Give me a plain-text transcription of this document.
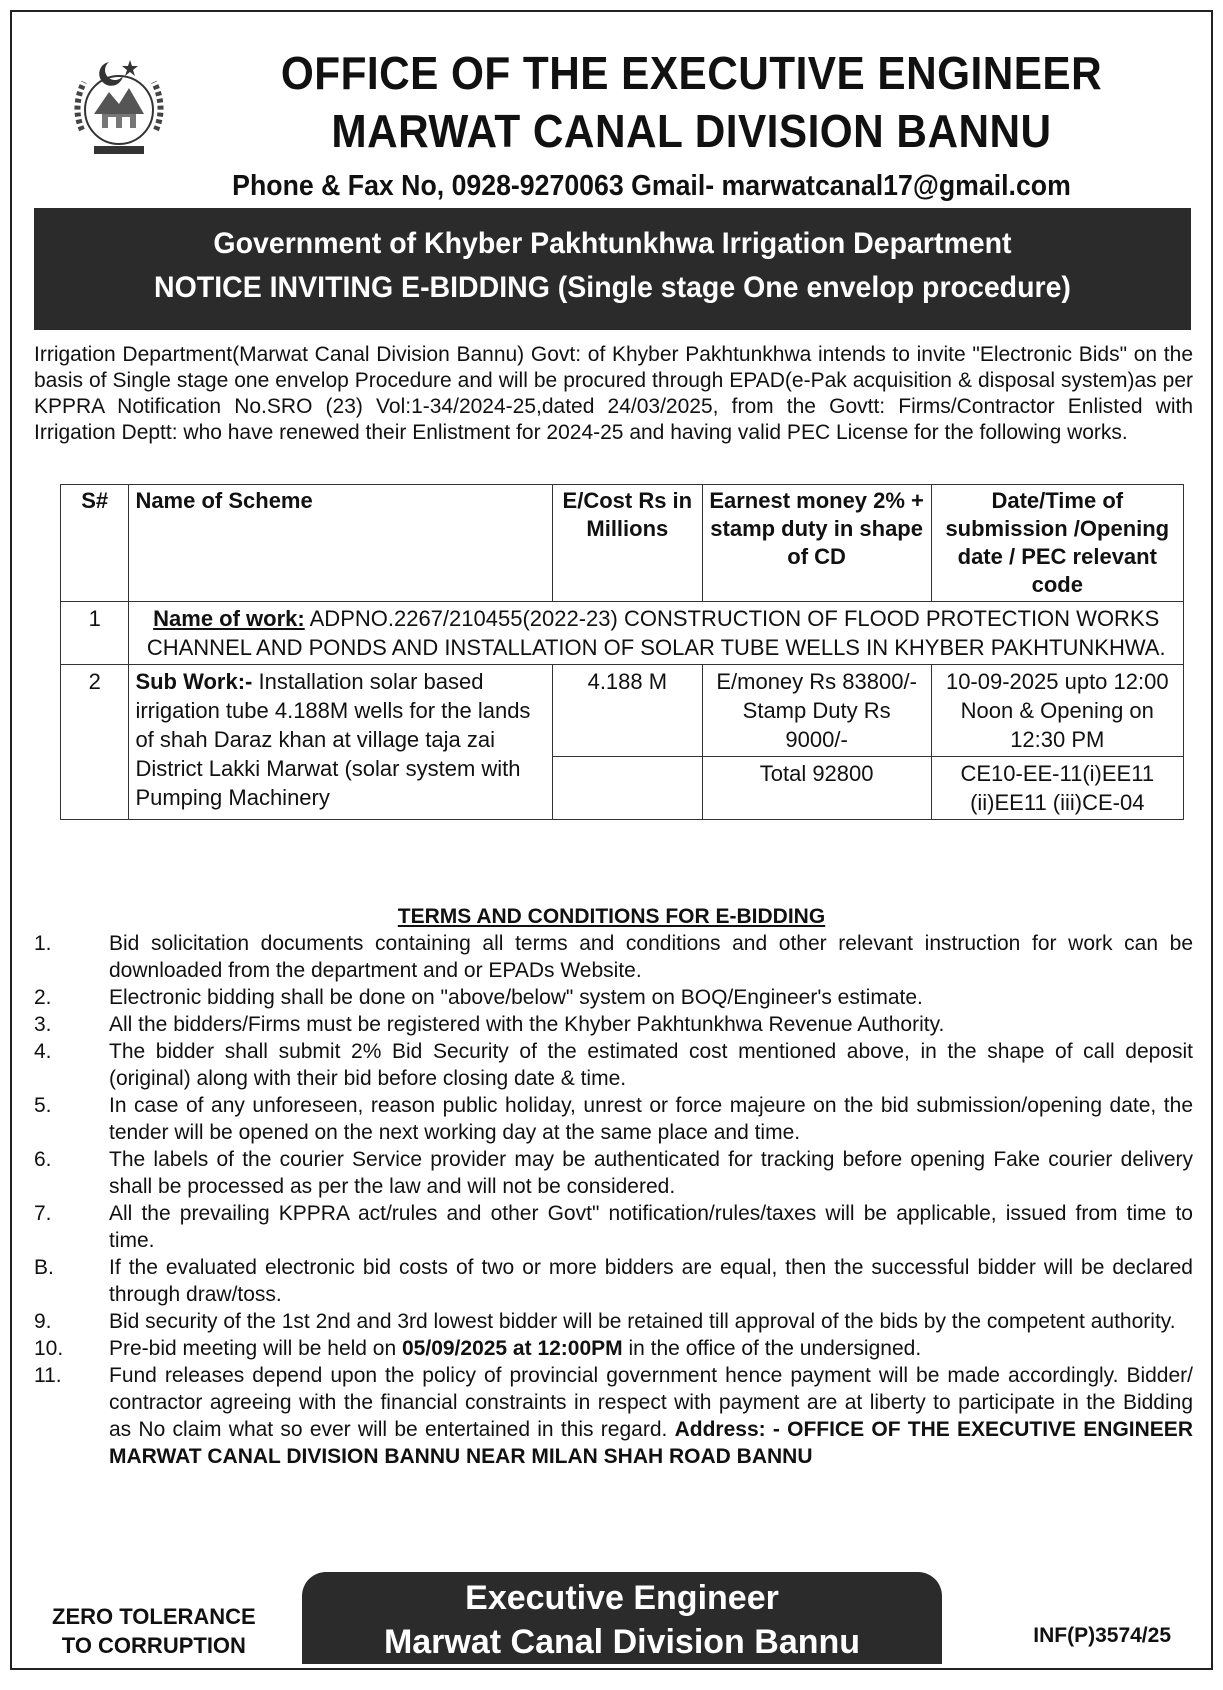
OFFICE OF THE EXECUTIVE ENGINEER
MARWAT CANAL DIVISION BANNU
Phone & Fax No, 0928-9270063 Gmail- marwatcanal17@gmail.com
Government of Khyber Pakhtunkhwa Irrigation Department
NOTICE INVITING E-BIDDING (Single stage One envelop procedure)
Irrigation Department(Marwat Canal Division Bannu) Govt: of Khyber Pakhtunkhwa intends to invite "Electronic Bids" on the basis of Single stage one envelop Procedure and will be procured through EPAD(e-Pak acquisition & disposal system)as per KPPRA Notification No.SRO (23) Vol:1-34/2024-25,dated 24/03/2025, from the Govtt: Firms/Contractor Enlisted with Irrigation Deptt: who have renewed their Enlistment for 2024-25 and having valid PEC License for the following works.
S#	Name of Scheme	E/Cost Rs in Millions	Earnest money 2% + stamp duty in shape of CD	Date/Time of submission /Opening date / PEC relevant code
1	Name of work: ADPNO.2267/210455(2022-23) CONSTRUCTION OF FLOOD PROTECTION WORKS CHANNEL AND PONDS AND INSTALLATION OF SOLAR TUBE WELLS IN KHYBER PAKHTUNKHWA.			
2	Sub Work:- Installation solar based irrigation tube 4.188M wells for the lands of shah Daraz khan at village taja zai District Lakki Marwat (solar system with Pumping Machinery	4.188 M	E/money Rs 83800/- Stamp Duty Rs 9000/-	10-09-2025 upto 12:00 Noon & Opening on 12:30 PM
			Total 92800	CE10-EE-11(i)EE11 (ii)EE11 (iii)CE-04
TERMS AND CONDITIONS FOR E-BIDDING
1.	Bid solicitation documents containing all terms and conditions and other relevant instruction for work can be downloaded from the department and or EPADs Website.
2.	Electronic bidding shall be done on "above/below" system on BOQ/Engineer's estimate.
3.	All the bidders/Firms must be registered with the Khyber Pakhtunkhwa Revenue Authority.
4.	The bidder shall submit 2% Bid Security of the estimated cost mentioned above, in the shape of call deposit (original) along with their bid before closing date & time.
5.	In case of any unforeseen, reason public holiday, unrest or force majeure on the bid submission/opening date, the tender will be opened on the next working day at the same place and time.
6.	The labels of the courier Service provider may be authenticated for tracking before opening Fake courier delivery shall be processed as per the law and will not be considered.
7.	All the prevailing KPPRA act/rules and other Govt" notification/rules/taxes will be applicable, issued from time to time.
B.	If the evaluated electronic bid costs of two or more bidders are equal, then the successful bidder will be declared through draw/toss.
9.	Bid security of the 1st 2nd and 3rd lowest bidder will be retained till approval of the bids by the competent authority.
10.	Pre-bid meeting will be held on 05/09/2025 at 12:00PM in the office of the undersigned.
11.	Fund releases depend upon the policy of provincial government hence payment will be made accordingly. Bidder/ contractor agreeing with the financial constraints in respect with payment are at liberty to participate in the Bidding as No claim what so ever will be entertained in this regard. Address: - OFFICE OF THE EXECUTIVE ENGINEER MARWAT CANAL DIVISION BANNU NEAR MILAN SHAH ROAD BANNU
ZERO TOLERANCE
TO CORRUPTION
Executive Engineer
Marwat Canal Division Bannu	INF(P)3574/25
